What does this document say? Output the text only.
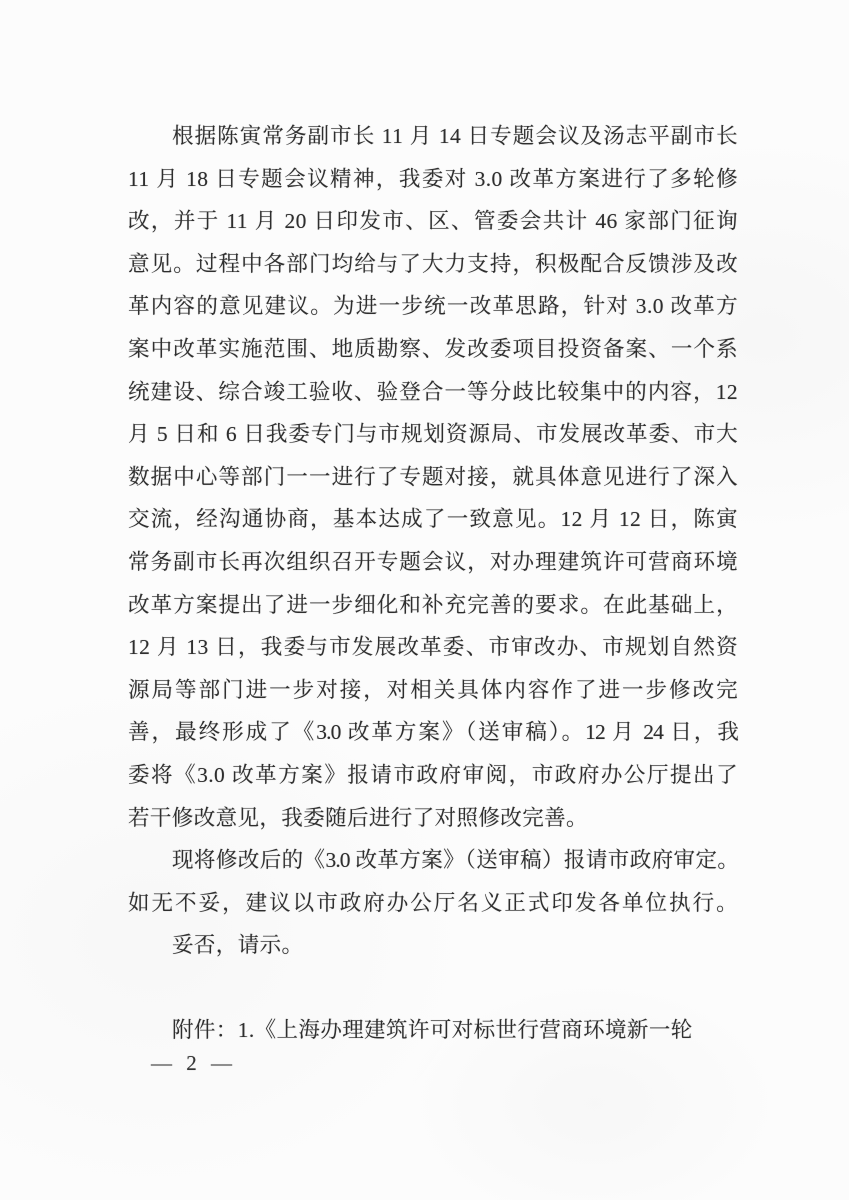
根据陈寅常务副市长 11 月 14 日专题会议及汤志平副市长
11 月 18 日专题会议精神，我委对 3.0 改革方案进行了多轮修
改，并于 11 月 20 日印发市、区、管委会共计 46 家部门征询
意见。过程中各部门均给与了大力支持，积极配合反馈涉及改
革内容的意见建议。为进一步统一改革思路，针对 3.0 改革方
案中改革实施范围、地质勘察、发改委项目投资备案、一个系
统建设、综合竣工验收、验登合一等分歧比较集中的内容，12
月 5 日和 6 日我委专门与市规划资源局、市发展改革委、市大
数据中心等部门一一进行了专题对接，就具体意见进行了深入
交流，经沟通协商，基本达成了一致意见。12 月 12 日，陈寅
常务副市长再次组织召开专题会议，对办理建筑许可营商环境
改革方案提出了进一步细化和补充完善的要求。在此基础上，
12 月 13 日，我委与市发展改革委、市审改办、市规划自然资
源局等部门进一步对接，对相关具体内容作了进一步修改完
善，最终形成了《3.0 改革方案》（送审稿）。12 月 24 日，我
委将《3.0 改革方案》报请市政府审阅，市政府办公厅提出了
若干修改意见，我委随后进行了对照修改完善。
现将修改后的《3.0 改革方案》（送审稿）报请市政府审定。
如无不妥，建议以市政府办公厅名义正式印发各单位执行。
妥否，请示。
附件：1.《上海办理建筑许可对标世行营商环境新一轮
— 2 —
